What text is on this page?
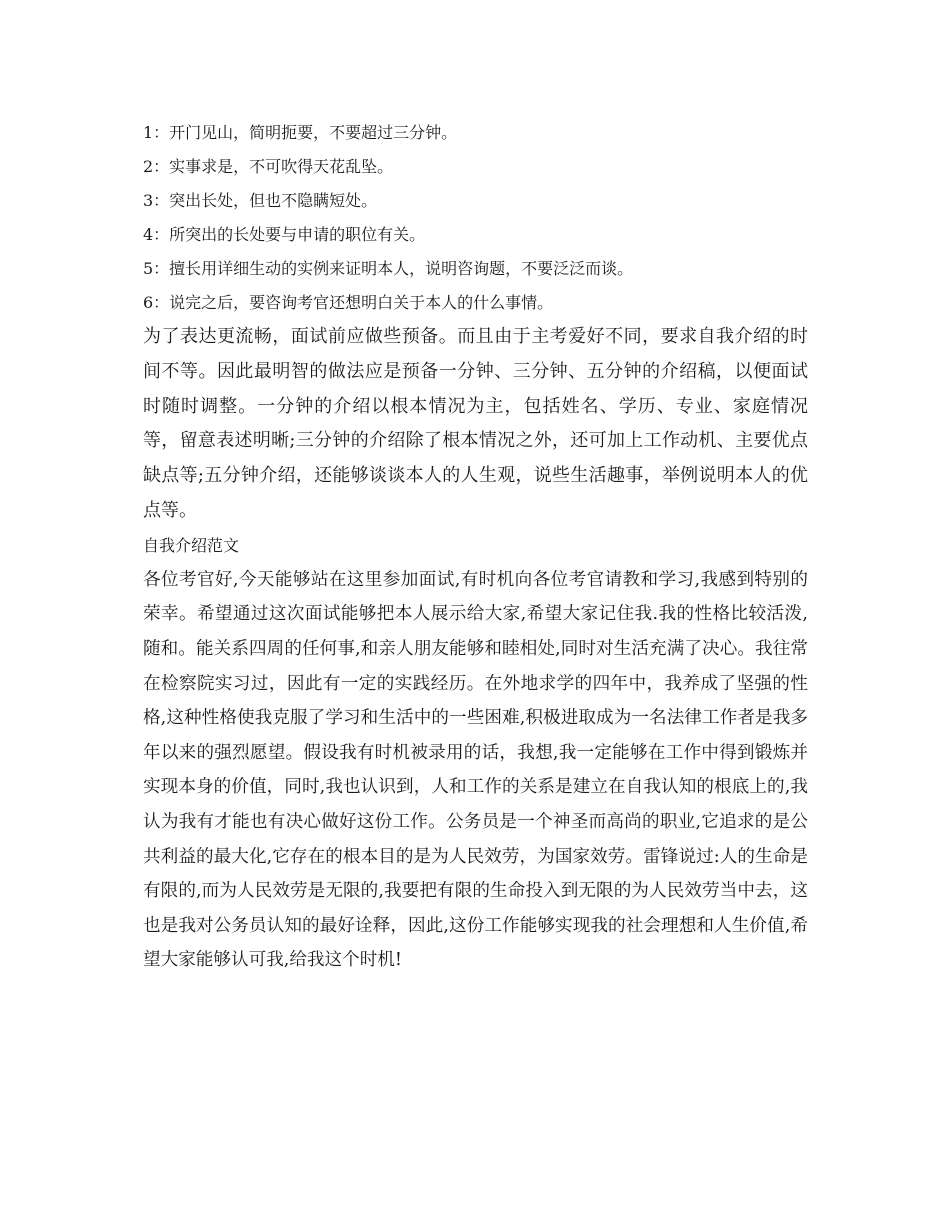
1：开门见山，简明扼要，不要超过三分钟。
2：实事求是，不可吹得天花乱坠。
3：突出长处，但也不隐瞒短处。
4：所突出的长处要与申请的职位有关。
5：擅长用详细生动的实例来证明本人，说明咨询题，不要泛泛而谈。
6：说完之后，要咨询考官还想明白关于本人的什么事情。

为了表达更流畅，面试前应做些预备。而且由于主考爱好不同，要求自我介绍的时间不等。因此最明智的做法应是预备一分钟、三分钟、五分钟的介绍稿，以便面试时随时调整。一分钟的介绍以根本情况为主，包括姓名、学历、专业、家庭情况等，留意表述明晰;三分钟的介绍除了根本情况之外，还可加上工作动机、主要优点缺点等;五分钟介绍，还能够谈谈本人的人生观，说些生活趣事，举例说明本人的优点等。

自我介绍范文

各位考官好,今天能够站在这里参加面试,有时机向各位考官请教和学习,我感到特别的荣幸。希望通过这次面试能够把本人展示给大家,希望大家记住我.我的性格比较活泼,随和。能关系四周的任何事,和亲人朋友能够和睦相处,同时对生活充满了决心。我往常在检察院实习过，因此有一定的实践经历。在外地求学的四年中，我养成了坚强的性格,这种性格使我克服了学习和生活中的一些困难,积极进取成为一名法律工作者是我多年以来的强烈愿望。假设我有时机被录用的话，我想,我一定能够在工作中得到锻炼并实现本身的价值，同时,我也认识到，人和工作的关系是建立在自我认知的根底上的,我认为我有才能也有决心做好这份工作。公务员是一个神圣而高尚的职业,它追求的是公共利益的最大化,它存在的根本目的是为人民效劳，为国家效劳。雷锋说过:人的生命是有限的,而为人民效劳是无限的,我要把有限的生命投入到无限的为人民效劳当中去，这也是我对公务员认知的最好诠释，因此,这份工作能够实现我的社会理想和人生价值,希望大家能够认可我,给我这个时机!
